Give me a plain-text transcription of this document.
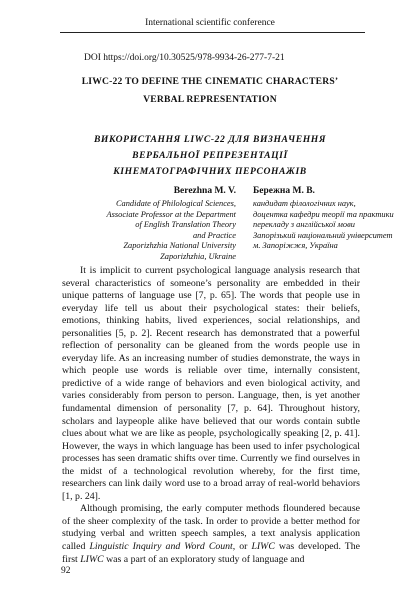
International scientific conference
DOI https://doi.org/10.30525/978-9934-26-277-7-21
LIWC-22 TO DEFINE THE CINEMATIC CHARACTERS’
VERBAL REPRESENTATION
ВИКОРИСТАННЯ LIWC-22 ДЛЯ ВИЗНАЧЕННЯ
ВЕРБАЛЬНОЇ РЕПРЕЗЕНТАЦІЇ
КІНЕМАТОГРАФІЧНИХ ПЕРСОНАЖІВ
Berezhna M. V.
Candidate of Philological Sciences,
Associate Professor at the Department
of English Translation Theory
and Practice
Zaporizhzhia National University
Zaporizhzhia, Ukraine
Бережна М. В.
кандидат філологічних наук,
доцентка кафедри теорії та практики
перекладу з англійської мови
Запорізький національний університет
м. Запоріжжя, Україна

It is implicit to current psychological language analysis research that several characteristics of someone’s personality are embedded in their unique patterns of language use [7, p. 65]. The words that people use in everyday life tell us about their psychological states: their beliefs, emotions, thinking habits, lived experiences, social relationships, and personalities [5, p. 2]. Recent research has demonstrated that a powerful reflection of personality can be gleaned from the words people use in everyday life. As an increasing number of studies demonstrate, the ways in which people use words is reliable over time, internally consistent, predictive of a wide range of behaviors and even biological activity, and varies considerably from person to person. Language, then, is yet another fundamental dimension of personality [7, p. 64]. Throughout history, scholars and laypeople alike have believed that our words contain subtle clues about what we are like as people, psychologically speaking [2, p. 41]. However, the ways in which language has been used to infer psychological processes has seen dramatic shifts over time. Currently we find ourselves in the midst of a technological revolution whereby, for the first time, researchers can link daily word use to a broad array of real-world behaviors [1, p. 24].

Although promising, the early computer methods floundered because of the sheer complexity of the task. In order to provide a better method for studying verbal and written speech samples, a text analysis application called Linguistic Inquiry and Word Count, or LIWC was developed. The first LIWC was a part of an exploratory study of language and

92
